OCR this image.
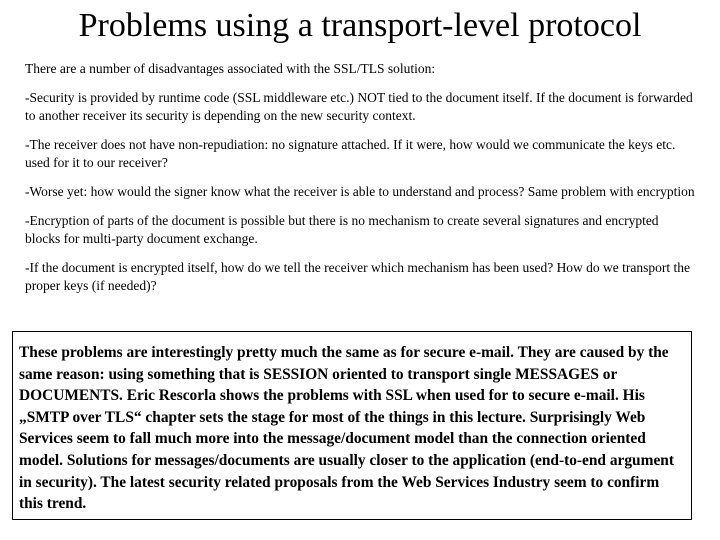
Problems using a transport-level protocol

There are a number of disadvantages associated with the SSL/TLS solution:

-Security is provided by runtime code (SSL middleware etc.) NOT tied to the document itself. If the document is forwarded to another receiver its security is depending on the new security context.

-The receiver does not have non-repudiation: no signature attached. If it were, how would we communicate the keys etc. used for it to our receiver?

-Worse yet: how would the signer know what the receiver is able to understand and process? Same problem with encryption

-Encryption of parts of the document is possible but there is no mechanism to create several signatures and encrypted blocks for multi-party document exchange.

-If the document is encrypted itself, how do we tell the receiver which mechanism has been used? How do we transport the proper keys (if needed)?

These problems are interestingly pretty much the same as for secure e-mail. They are caused by the same reason: using something that is SESSION oriented to transport single MESSAGES or DOCUMENTS. Eric Rescorla shows the problems with SSL when used for to secure e-mail. His „SMTP over TLS“ chapter sets the stage for most of the things in this lecture. Surprisingly Web Services seem to fall much more into the message/document model than the connection oriented model. Solutions for messages/documents are usually closer to the application (end-to-end argument in security). The latest security related proposals from the Web Services Industry seem to confirm this trend.
